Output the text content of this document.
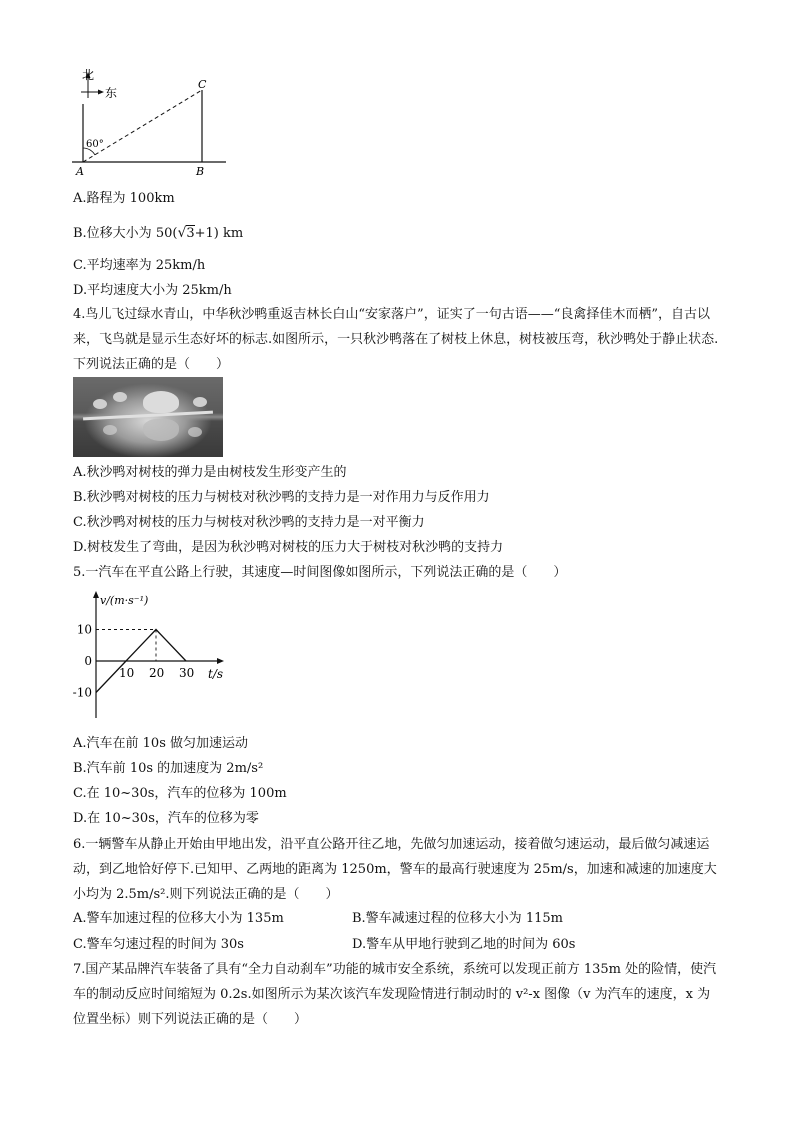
北
东
60°
A	B
C
A.路程为 100km
B.位移大小为 50(√3+1) km
C.平均速率为 25km/h
D.平均速度大小为 25km/h
4.鸟儿飞过绿水青山，中华秋沙鸭重返吉林长白山“安家落户”，证实了一句古语——“良禽择佳木而栖”，自古以来，飞鸟就是显示生态好坏的标志.如图所示，一只秋沙鸭落在了树枝上休息，树枝被压弯，秋沙鸭处于静止状态.下列说法正确的是（　　）
A.秋沙鸭对树枝的弹力是由树枝发生形变产生的
B.秋沙鸭对树枝的压力与树枝对秋沙鸭的支持力是一对作用力与反作用力
C.秋沙鸭对树枝的压力与树枝对秋沙鸭的支持力是一对平衡力
D.树枝发生了弯曲，是因为秋沙鸭对树枝的压力大于树枝对秋沙鸭的支持力
5.一汽车在平直公路上行驶，其速度—时间图像如图所示，下列说法正确的是（　　）
v/(m·s⁻¹)
t/s
10 20 30
10
0
-10
A.汽车在前 10s 做匀加速运动
B.汽车前 10s 的加速度为 2m/s²
C.在 10~30s，汽车的位移为 100m
D.在 10~30s，汽车的位移为零
6.一辆警车从静止开始由甲地出发，沿平直公路开往乙地，先做匀加速运动，接着做匀速运动，最后做匀减速运动，到乙地恰好停下.已知甲、乙两地的距离为 1250m，警车的最高行驶速度为 25m/s，加速和减速的加速度大小均为 2.5m/s².则下列说法正确的是（　　）
A.警车加速过程的位移大小为 135m	B.警车减速过程的位移大小为 115m
C.警车匀速过程的时间为 30s	D.警车从甲地行驶到乙地的时间为 60s
7.国产某品牌汽车装备了具有“全力自动刹车”功能的城市安全系统，系统可以发现正前方 135m 处的险情，使汽车的制动反应时间缩短为 0.2s.如图所示为某次该汽车发现险情进行制动时的 v²-x 图像（v 为汽车的速度，x 为位置坐标）则下列说法正确的是（　　）
